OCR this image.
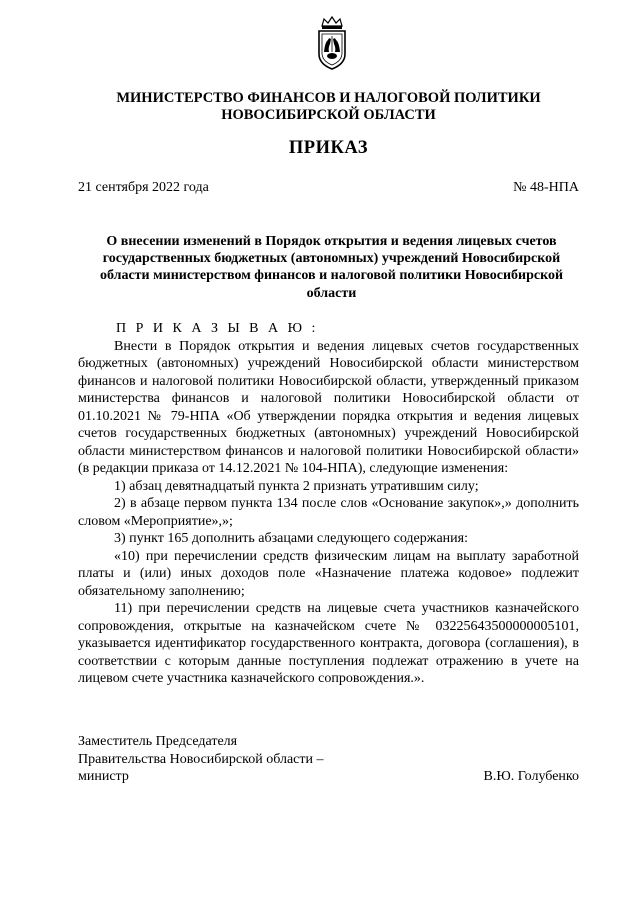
МИНИСТЕРСТВО ФИНАНСОВ И НАЛОГОВОЙ ПОЛИТИКИ
НОВОСИБИРСКОЙ ОБЛАСТИ
ПРИКАЗ
21 сентября 2022 года	№ 48-НПА
О внесении изменений в Порядок открытия и ведения лицевых счетов государственных бюджетных (автономных) учреждений Новосибирской области министерством финансов и налоговой политики Новосибирской области

П Р И К А З Ы В А Ю :

Внести в Порядок открытия и ведения лицевых счетов государственных бюджетных (автономных) учреждений Новосибирской области министерством финансов и налоговой политики Новосибирской области, утвержденный приказом министерства финансов и налоговой политики Новосибирской области от 01.10.2021 № 79-НПА «Об утверждении порядка открытия и ведения лицевых счетов государственных бюджетных (автономных) учреждений Новосибирской области министерством финансов и налоговой политики Новосибирской области» (в редакции приказа от 14.12.2021 № 104-НПА), следующие изменения:

1) абзац девятнадцатый пункта 2 признать утратившим силу;

2) в абзаце первом пункта 134 после слов «Основание закупок»,» дополнить словом «Мероприятие»,»;

3) пункт 165 дополнить абзацами следующего содержания:

«10) при перечислении средств физическим лицам на выплату заработной платы и (или) иных доходов поле «Назначение платежа кодовое» подлежит обязательному заполнению;

11) при перечислении средств на лицевые счета участников казначейского сопровождения, открытые на казначейском счете № 03225643500000005101, указывается идентификатор государственного контракта, договора (соглашения), в соответствии с которым данные поступления подлежат отражению в учете на лицевом счете участника казначейского сопровождения.».

Заместитель Председателя
Правительства Новосибирской области –
министр	В.Ю. Голубенко
